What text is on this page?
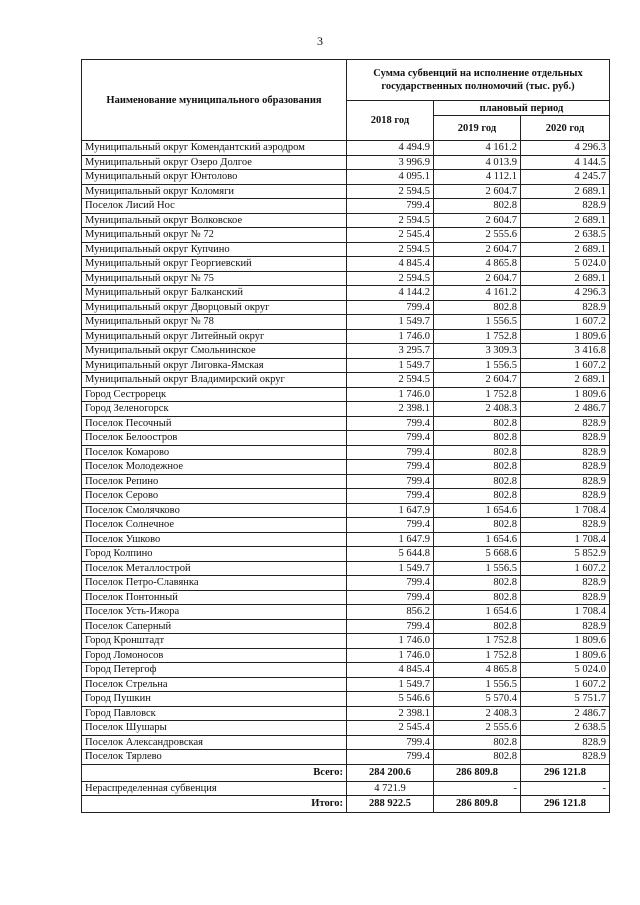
3
Наименование муниципального образования	Сумма субвенций на исполнение отдельных государственных полномочий (тыс. руб.)		
	2018 год	плановый период	
		2019 год	2020 год
Муниципальный округ Комендантский аэродром	4 494.9	4 161.2	4 296.3
Муниципальный округ Озеро Долгое	3 996.9	4 013.9	4 144.5
Муниципальный округ Юнтолово	4 095.1	4 112.1	4 245.7
Муниципальный округ Коломяги	2 594.5	2 604.7	2 689.1
Поселок Лисий Нос	799.4	802.8	828.9
Муниципальный округ Волковское	2 594.5	2 604.7	2 689.1
Муниципальный округ № 72	2 545.4	2 555.6	2 638.5
Муниципальный округ Купчино	2 594.5	2 604.7	2 689.1
Муниципальный округ Георгиевский	4 845.4	4 865.8	5 024.0
Муниципальный округ № 75	2 594.5	2 604.7	2 689.1
Муниципальный округ Балканский	4 144.2	4 161.2	4 296.3
Муниципальный округ Дворцовый округ	799.4	802.8	828.9
Муниципальный округ № 78	1 549.7	1 556.5	1 607.2
Муниципальный округ Литейный округ	1 746.0	1 752.8	1 809.6
Муниципальный округ Смольнинское	3 295.7	3 309.3	3 416.8
Муниципальный округ Лиговка-Ямская	1 549.7	1 556.5	1 607.2
Муниципальный округ Владимирский округ	2 594.5	2 604.7	2 689.1
Город Сестрорецк	1 746.0	1 752.8	1 809.6
Город Зеленогорск	2 398.1	2 408.3	2 486.7
Поселок Песочный	799.4	802.8	828.9
Поселок Белоостров	799.4	802.8	828.9
Поселок Комарово	799.4	802.8	828.9
Поселок Молодежное	799.4	802.8	828.9
Поселок Репино	799.4	802.8	828.9
Поселок Серово	799.4	802.8	828.9
Поселок Смолячково	1 647.9	1 654.6	1 708.4
Поселок Солнечное	799.4	802.8	828.9
Поселок Ушково	1 647.9	1 654.6	1 708.4
Город Колпино	5 644.8	5 668.6	5 852.9
Поселок Металлострой	1 549.7	1 556.5	1 607.2
Поселок Петро-Славянка	799.4	802.8	828.9
Поселок Понтонный	799.4	802.8	828.9
Поселок Усть-Ижора	856.2	1 654.6	1 708.4
Поселок Саперный	799.4	802.8	828.9
Город Кронштадт	1 746.0	1 752.8	1 809.6
Город Ломоносов	1 746.0	1 752.8	1 809.6
Город Петергоф	4 845.4	4 865.8	5 024.0
Поселок Стрельна	1 549.7	1 556.5	1 607.2
Город Пушкин	5 546.6	5 570.4	5 751.7
Город Павловск	2 398.1	2 408.3	2 486.7
Поселок Шушары	2 545.4	2 555.6	2 638.5
Поселок Александровская	799.4	802.8	828.9
Поселок Тярлево	799.4	802.8	828.9
Всего:	284 200.6	286 809.8	296 121.8
Нераспределенная субвенция	4 721.9	-	-
Итого:	288 922.5	286 809.8	296 121.8
